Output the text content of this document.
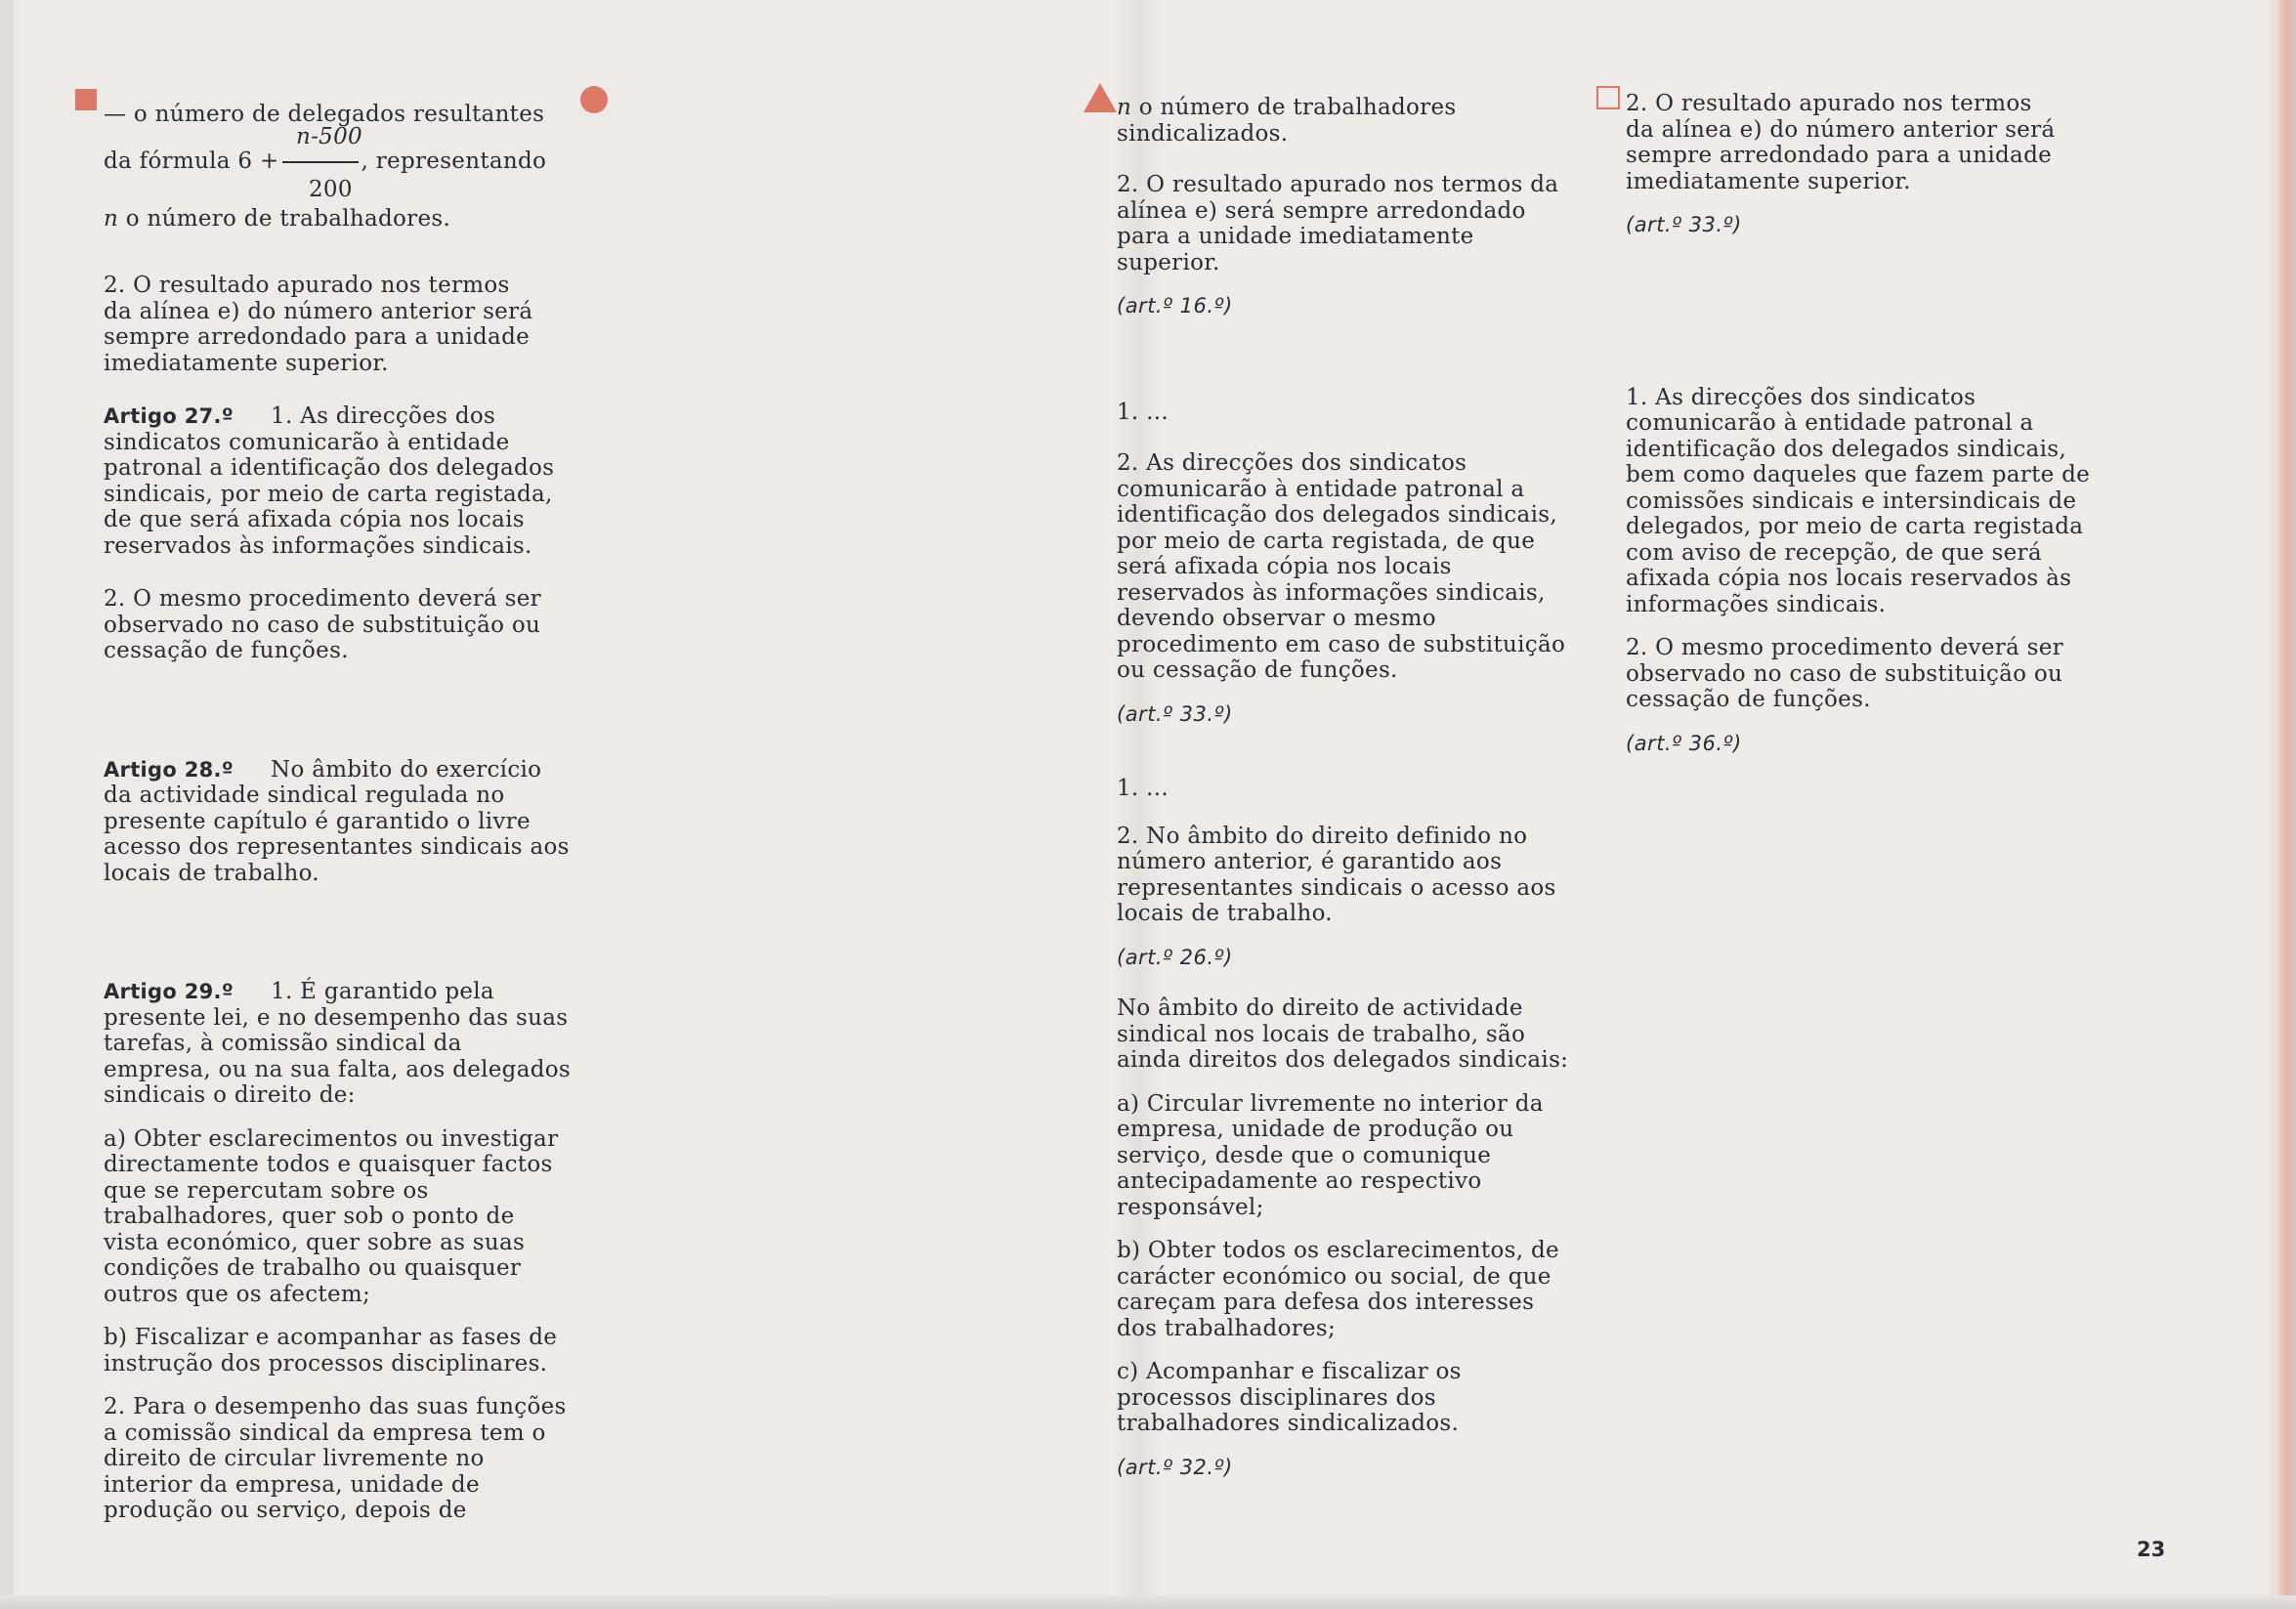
— o número de delegados resultantes
n-500
da fórmula 6 +	, representando
200

n o número de trabalhadores.

2. O resultado apurado nos termos da alínea e) do número anterior será sempre arredondado para a unidade imediatamente superior.

Artigo 27.º 1. As direcções dos sindicatos comunicarão à entidade patronal a identificação dos delegados sindicais, por meio de carta registada, de que será afixada cópia nos locais reservados às informações sindicais.

2. O mesmo procedimento deverá ser observado no caso de substituição ou cessação de funções.

Artigo 28.º No âmbito do exercício da actividade sindical regulada no presente capítulo é garantido o livre acesso dos representantes sindicais aos locais de trabalho.

Artigo 29.º 1. É garantido pela presente lei, e no desempenho das suas tarefas, à comissão sindical da empresa, ou na sua falta, aos delegados sindicais o direito de:

a) Obter esclarecimentos ou investigar directamente todos e quaisquer factos que se repercutam sobre os trabalhadores, quer sob o ponto de vista económico, quer sobre as suas condições de trabalho ou quaisquer outros que os afectem;

b) Fiscalizar e acompanhar as fases de instrução dos processos disciplinares.

2. Para o desempenho das suas funções a comissão sindical da empresa tem o direito de circular livremente no interior da empresa, unidade de produção ou serviço, depois de

n o número de trabalhadores sindicalizados.

2. O resultado apurado nos termos da alínea e) será sempre arredondado para a unidade imediatamente superior.

(art.º 16.º)

1. ...

2. As direcções dos sindicatos comunicarão à entidade patronal a identificação dos delegados sindicais, por meio de carta registada, de que será afixada cópia nos locais reservados às informações sindicais, devendo observar o mesmo procedimento em caso de substituição ou cessação de funções.

(art.º 33.º)

1. ...

2. No âmbito do direito definido no número anterior, é garantido aos representantes sindicais o acesso aos locais de trabalho.

(art.º 26.º)

No âmbito do direito de actividade sindical nos locais de trabalho, são ainda direitos dos delegados sindicais:

a) Circular livremente no interior da empresa, unidade de produção ou serviço, desde que o comunique antecipadamente ao respectivo responsável;

b) Obter todos os esclarecimentos, de carácter económico ou social, de que careçam para defesa dos interesses dos trabalhadores;

c) Acompanhar e fiscalizar os processos disciplinares dos trabalhadores sindicalizados.

(art.º 32.º)

2. O resultado apurado nos termos da alínea e) do número anterior será sempre arredondado para a unidade imediatamente superior.

(art.º 33.º)

1. As direcções dos sindicatos comunicarão à entidade patronal a identificação dos delegados sindicais, bem como daqueles que fazem parte de comissões sindicais e intersindicais de delegados, por meio de carta registada com aviso de recepção, de que será afixada cópia nos locais reservados às informações sindicais.

2. O mesmo procedimento deverá ser observado no caso de substituição ou cessação de funções.

(art.º 36.º)

23
